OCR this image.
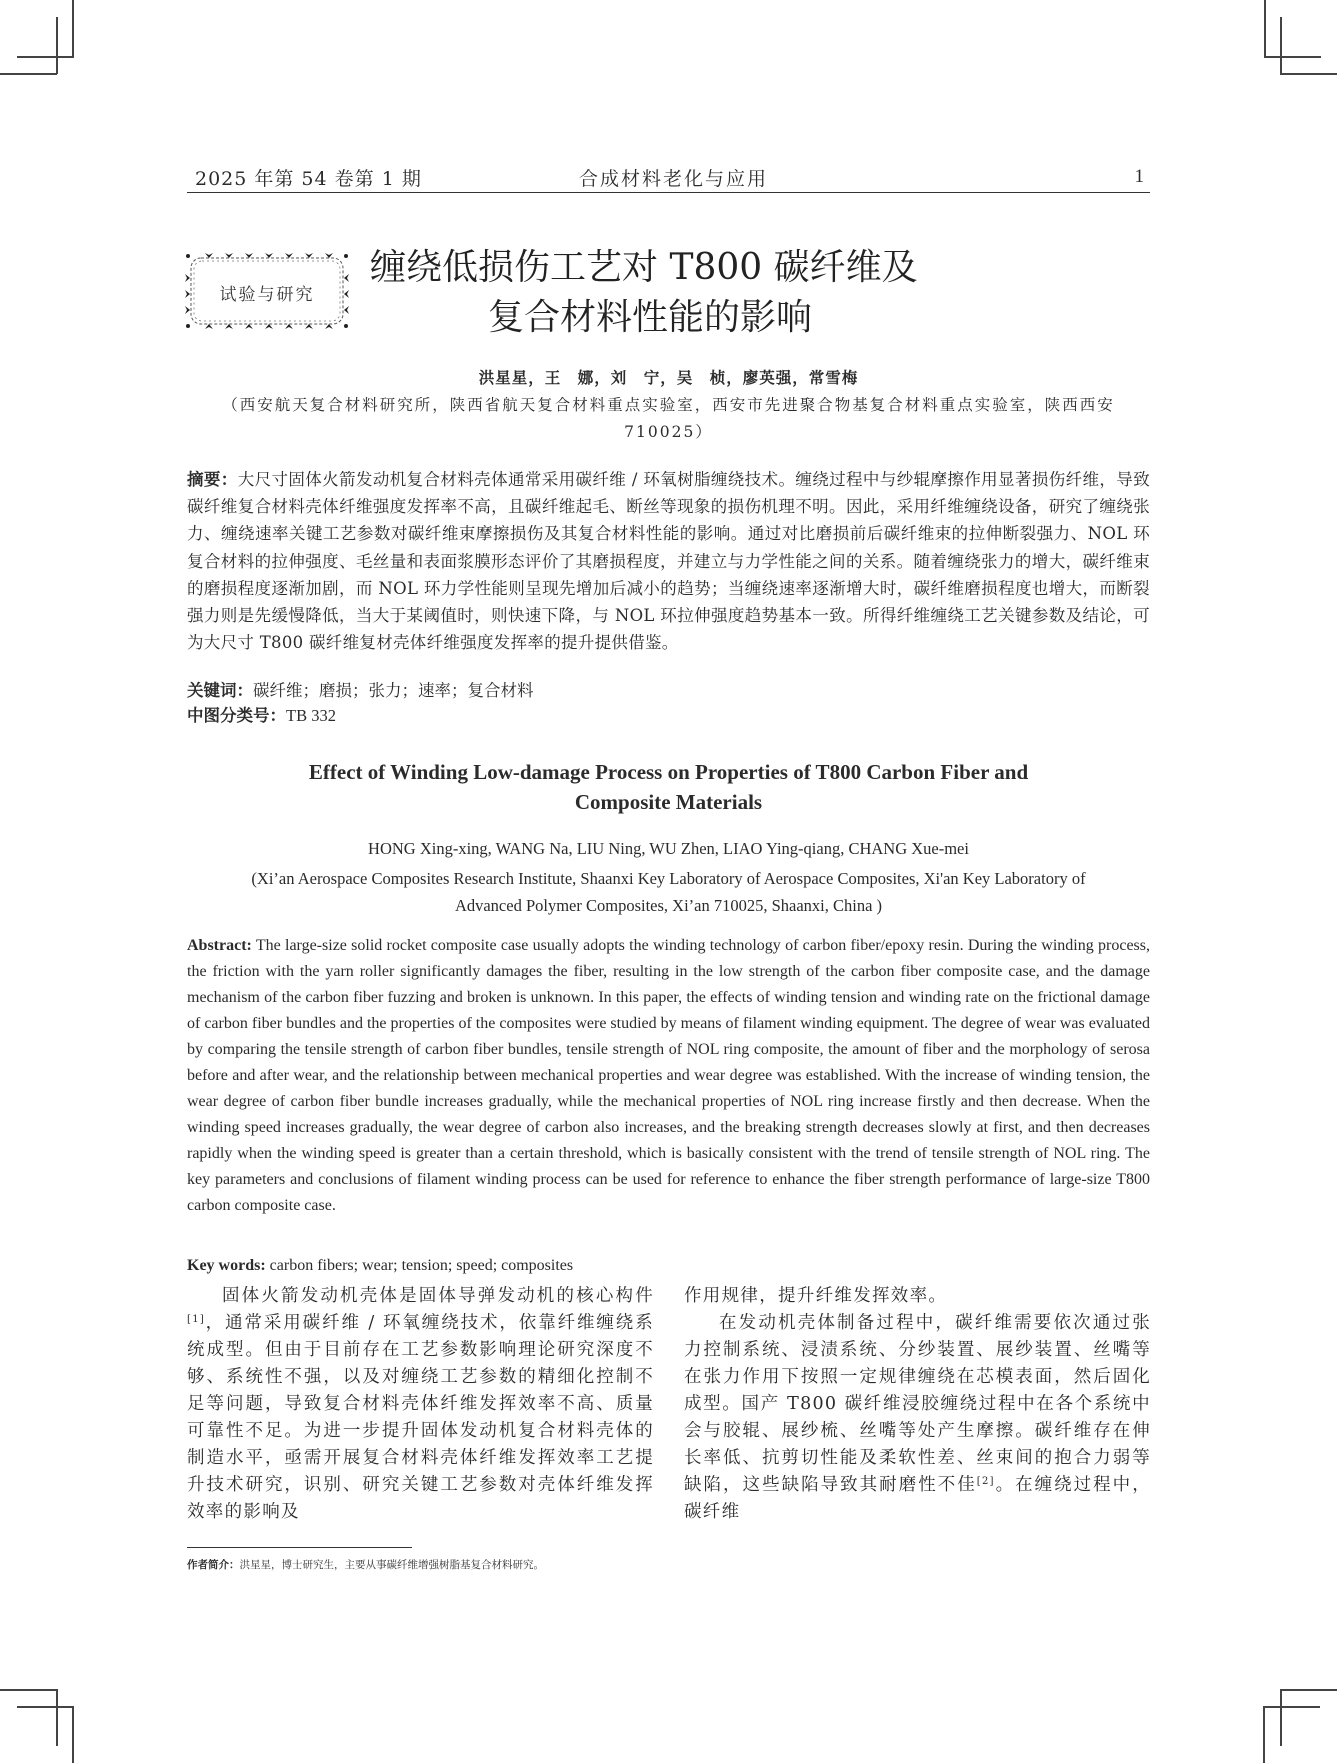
2025 年第 54 卷第 1 期	合成材料老化与应用	1
试验与研究
缠绕低损伤工艺对 T800 碳纤维及
复合材料性能的影响
洪星星，王　娜，刘　宁，吴　桢，廖英强，常雪梅
（西安航天复合材料研究所，陕西省航天复合材料重点实验室，西安市先进聚合物基复合材料重点实验室，陕西西安 710025）
摘要：大尺寸固体火箭发动机复合材料壳体通常采用碳纤维 / 环氧树脂缠绕技术。缠绕过程中与纱辊摩擦作用显著损伤纤维，导致碳纤维复合材料壳体纤维强度发挥率不高，且碳纤维起毛、断丝等现象的损伤机理不明。因此，采用纤维缠绕设备，研究了缠绕张力、缠绕速率关键工艺参数对碳纤维束摩擦损伤及其复合材料性能的影响。通过对比磨损前后碳纤维束的拉伸断裂强力、NOL 环复合材料的拉伸强度、毛丝量和表面浆膜形态评价了其磨损程度，并建立与力学性能之间的关系。随着缠绕张力的增大，碳纤维束的磨损程度逐渐加剧，而 NOL 环力学性能则呈现先增加后减小的趋势；当缠绕速率逐渐增大时，碳纤维磨损程度也增大，而断裂强力则是先缓慢降低，当大于某阈值时，则快速下降，与 NOL 环拉伸强度趋势基本一致。所得纤维缠绕工艺关键参数及结论，可为大尺寸 T800 碳纤维复材壳体纤维强度发挥率的提升提供借鉴。
关键词：碳纤维；磨损；张力；速率；复合材料
中图分类号：TB 332
Effect of Winding Low-damage Process on Properties of T800 Carbon Fiber and
Composite Materials
HONG Xing-xing, WANG Na, LIU Ning, WU Zhen, LIAO Ying-qiang, CHANG Xue-mei
(Xi’an Aerospace Composites Research Institute, Shaanxi Key Laboratory of Aerospace Composites, Xi'an Key Laboratory of
Advanced Polymer Composites, Xi’an 710025, Shaanxi, China )
Abstract: The large-size solid rocket composite case usually adopts the winding technology of carbon fiber/epoxy resin. During the winding process, the friction with the yarn roller significantly damages the fiber, resulting in the low strength of the carbon fiber composite case, and the damage mechanism of the carbon fiber fuzzing and broken is unknown. In this paper, the effects of winding tension and winding rate on the frictional damage of carbon fiber bundles and the properties of the composites were studied by means of filament winding equipment. The degree of wear was evaluated by comparing the tensile strength of carbon fiber bundles, tensile strength of NOL ring composite, the amount of fiber and the morphology of serosa before and after wear, and the relationship between mechanical properties and wear degree was established. With the increase of winding tension, the wear degree of carbon fiber bundle increases gradually, while the mechanical properties of NOL ring increase firstly and then decrease. When the winding speed increases gradually, the wear degree of carbon also increases, and the breaking strength decreases slowly at first, and then decreases rapidly when the winding speed is greater than a certain threshold, which is basically consistent with the trend of tensile strength of NOL ring. The key parameters and conclusions of filament winding process can be used for reference to enhance the fiber strength performance of large-size T800 carbon composite case.
Key words: carbon fibers; wear; tension; speed; composites

固体火箭发动机壳体是固体导弹发动机的核心构件[1]，通常采用碳纤维 / 环氧缠绕技术，依靠纤维缠绕系统成型。但由于目前存在工艺参数影响理论研究深度不够、系统性不强，以及对缠绕工艺参数的精细化控制不足等问题，导致复合材料壳体纤维发挥效率不高、质量可靠性不足。为进一步提升固体发动机复合材料壳体的制造水平，亟需开展复合材料壳体纤维发挥效率工艺提升技术研究，识别、研究关键工艺参数对壳体纤维发挥效率的影响及

作用规律，提升纤维发挥效率。

在发动机壳体制备过程中，碳纤维需要依次通过张力控制系统、浸渍系统、分纱装置、展纱装置、丝嘴等在张力作用下按照一定规律缠绕在芯模表面，然后固化成型。国产 T800 碳纤维浸胶缠绕过程中在各个系统中会与胶辊、展纱梳、丝嘴等处产生摩擦。碳纤维存在伸长率低、抗剪切性能及柔软性差、丝束间的抱合力弱等缺陷，这些缺陷导致其耐磨性不佳[2]。在缠绕过程中，碳纤维

作者简介：洪星星，博士研究生，主要从事碳纤维增强树脂基复合材料研究。
